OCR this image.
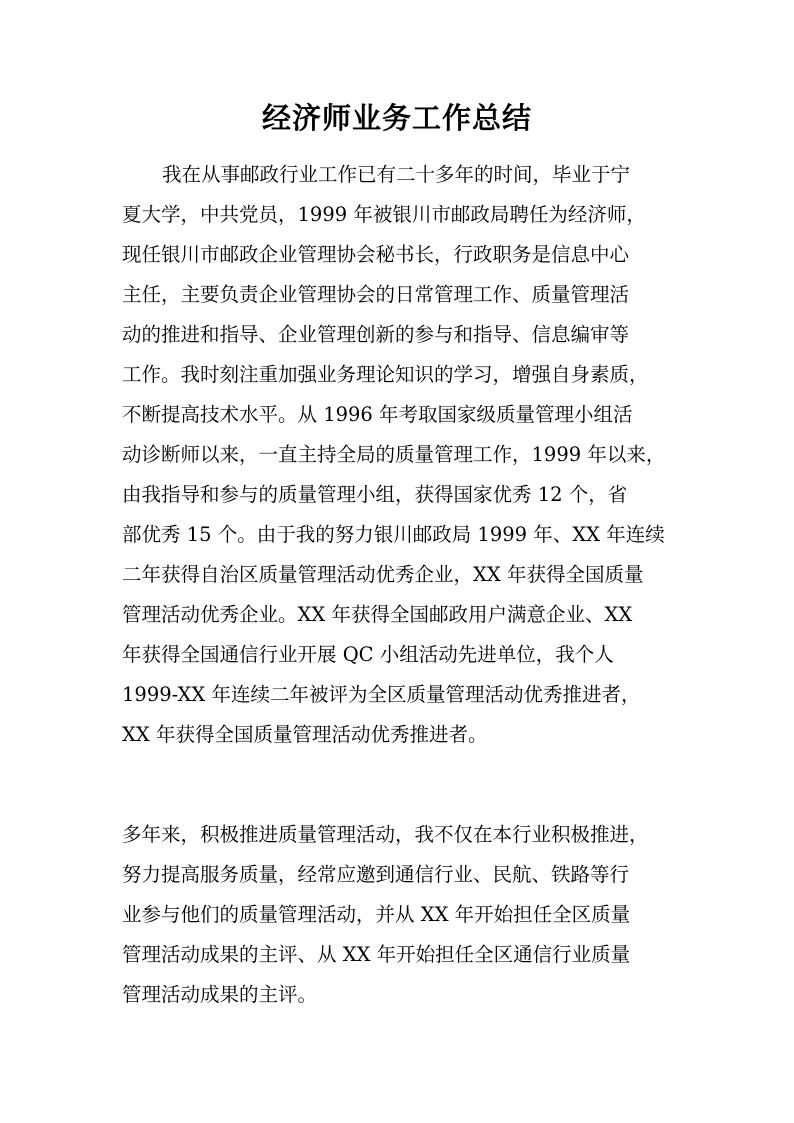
经济师业务工作总结
我在从事邮政行业工作已有二十多年的时间，毕业于宁
夏大学，中共党员，1999 年被银川市邮政局聘任为经济师，
现任银川市邮政企业管理协会秘书长，行政职务是信息中心
主任，主要负责企业管理协会的日常管理工作、质量管理活
动的推进和指导、企业管理创新的参与和指导、信息编审等
工作。我时刻注重加强业务理论知识的学习，增强自身素质，
不断提高技术水平。从 1996 年考取国家级质量管理小组活
动诊断师以来，一直主持全局的质量管理工作，1999 年以来，
由我指导和参与的质量管理小组，获得国家优秀 12 个，省
部优秀 15 个。由于我的努力银川邮政局 1999 年、XX 年连续
二年获得自治区质量管理活动优秀企业，XX 年获得全国质量
管理活动优秀企业。XX 年获得全国邮政用户满意企业、XX
年获得全国通信行业开展 QC 小组活动先进单位，我个人
1999-XX 年连续二年被评为全区质量管理活动优秀推进者，
XX 年获得全国质量管理活动优秀推进者。
多年来，积极推进质量管理活动，我不仅在本行业积极推进，
努力提高服务质量，经常应邀到通信行业、民航、铁路等行
业参与他们的质量管理活动，并从 XX 年开始担任全区质量
管理活动成果的主评、从 XX 年开始担任全区通信行业质量
管理活动成果的主评。
